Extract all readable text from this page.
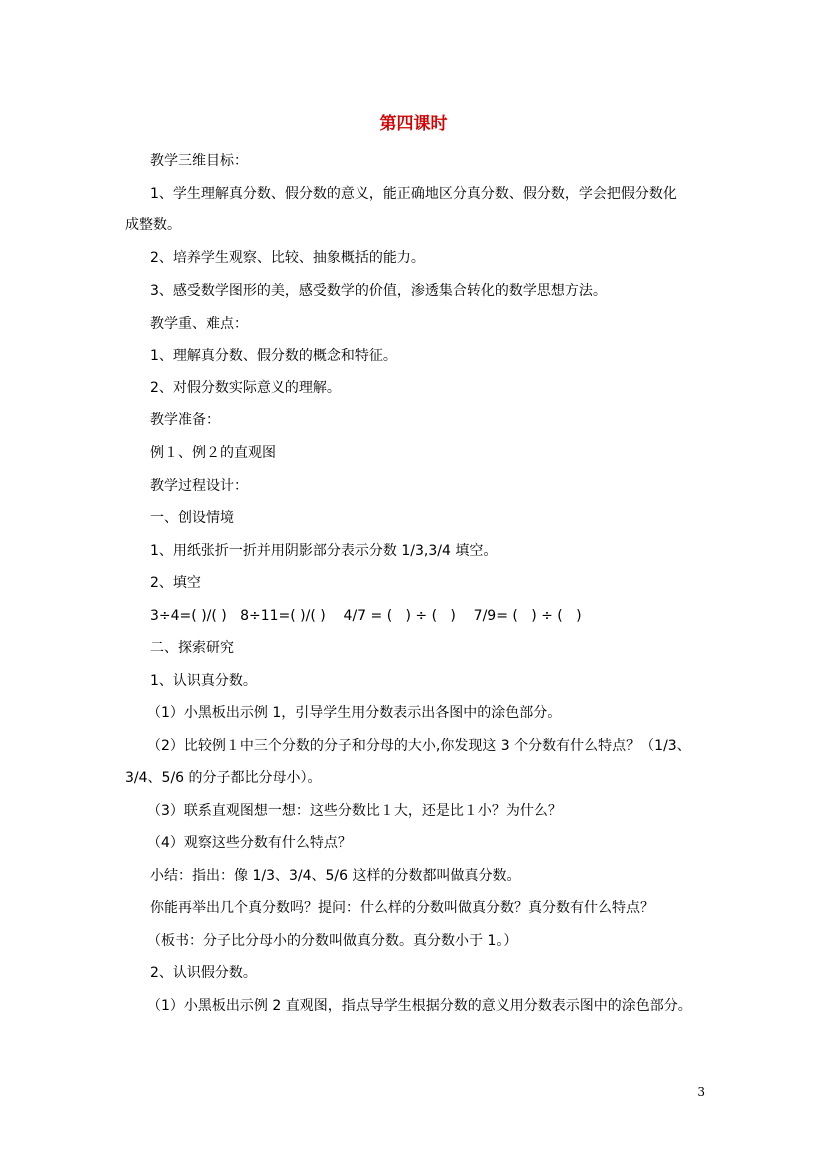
第四课时

教学三维目标：

1、学生理解真分数、假分数的意义，能正确地区分真分数、假分数，学会把假分数化

成整数。

2、培养学生观察、比较、抽象概括的能力。

3、感受数学图形的美，感受数学的价值，渗透集合转化的数学思想方法。

教学重、难点：

1、理解真分数、假分数的概念和特征。

2、对假分数实际意义的理解。

教学准备：

例１、例２的直观图

教学过程设计：

一、创设情境

1、用纸张折一折并用阴影部分表示分数 1/3,3/4 填空。

2、填空

3÷4=( )/( )   8÷11=( )/( )    4/7 = (   ) ÷ (   )    7/9= (   ) ÷ (   )

二、探索研究

1、认识真分数。

（1）小黑板出示例 1，引导学生用分数表示出各图中的涂色部分。

（2）比较例１中三个分数的分子和分母的大小,你发现这 3 个分数有什么特点？（1/3、

3/4、5/6 的分子都比分母小）。

（3）联系直观图想一想：这些分数比１大，还是比１小？为什么？

（4）观察这些分数有什么特点？

小结：指出：像 1/3、3/4、5/6 这样的分数都叫做真分数。

你能再举出几个真分数吗？提问：什么样的分数叫做真分数？真分数有什么特点？

（板书：分子比分母小的分数叫做真分数。真分数小于 1。）

2、认识假分数。

（1）小黑板出示例 2 直观图，指点导学生根据分数的意义用分数表示图中的涂色部分。

3
